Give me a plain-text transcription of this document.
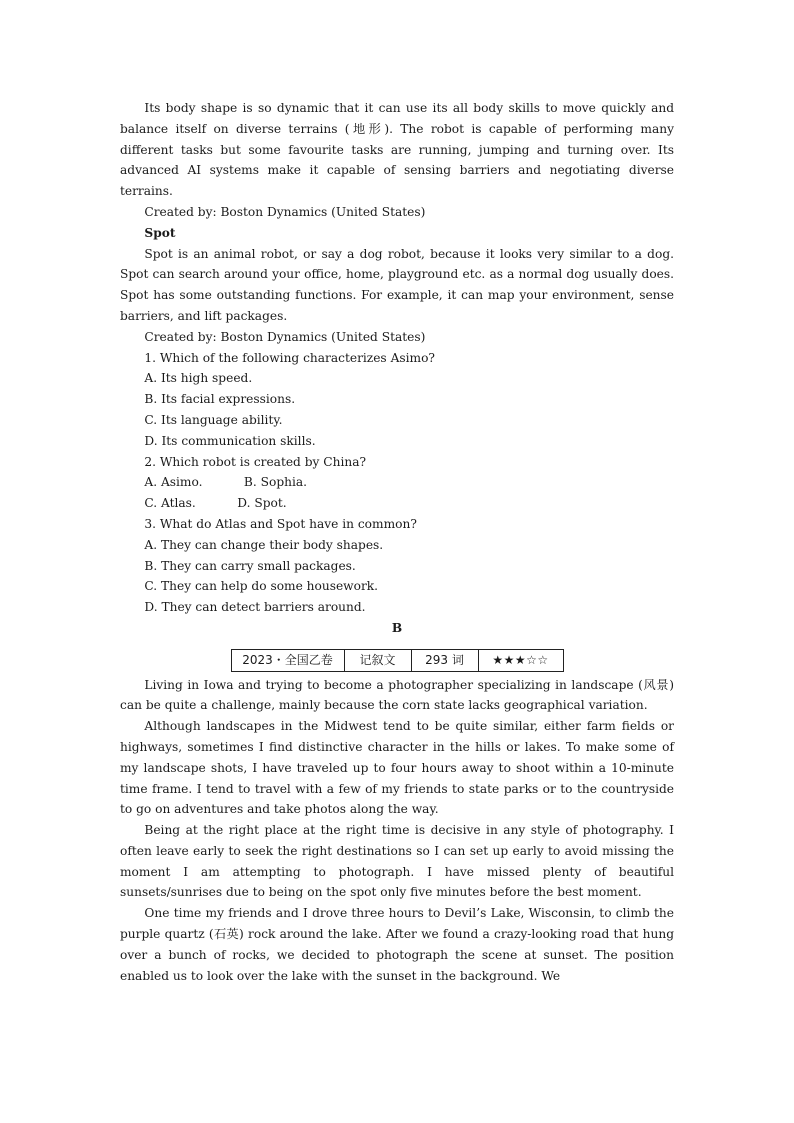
Its body shape is so dynamic that it can use its all body skills to move quickly and balance itself on diverse terrains (地形). The robot is capable of performing many different tasks but some favourite tasks are running, jumping and turning over. Its advanced AI systems make it capable of sensing barriers and negotiating diverse terrains.

Created by: Boston Dynamics (United States)

Spot

Spot is an animal robot, or say a dog robot, because it looks very similar to a dog. Spot can search around your office, home, playground etc. as a normal dog usually does. Spot has some outstanding functions. For example, it can map your environment, sense barriers, and lift packages.

Created by: Boston Dynamics (United States)

1. Which of the following characterizes Asimo?

A. Its high speed.

B. Its facial expressions.

C. Its language ability.

D. Its communication skills.

2. Which robot is created by China?

A. Asimo.	B. Sophia.

C. Atlas.	D. Spot.

3. What do Atlas and Spot have in common?

A. They can change their body shapes.

B. They can carry small packages.

C. They can help do some housework.

D. They can detect barriers around.

B

2023・全国乙卷	记叙文	293 词	★★★☆☆

Living in Iowa and trying to become a photographer specializing in landscape (风景) can be quite a challenge, mainly because the corn state lacks geographical variation.

Although landscapes in the Midwest tend to be quite similar, either farm fields or highways, sometimes I find distinctive character in the hills or lakes. To make some of my landscape shots, I have traveled up to four hours away to shoot within a 10-minute time frame. I tend to travel with a few of my friends to state parks or to the countryside to go on adventures and take photos along the way.

Being at the right place at the right time is decisive in any style of photography. I often leave early to seek the right destinations so I can set up early to avoid missing the moment I am attempting to photograph. I have missed plenty of beautiful sunsets/sunrises due to being on the spot only five minutes before the best moment.

One time my friends and I drove three hours to Devil’s Lake, Wisconsin, to climb the purple quartz (石英) rock around the lake. After we found a crazy-looking road that hung over a bunch of rocks, we decided to photograph the scene at sunset. The position enabled us to look over the lake with the sunset in the background. We
